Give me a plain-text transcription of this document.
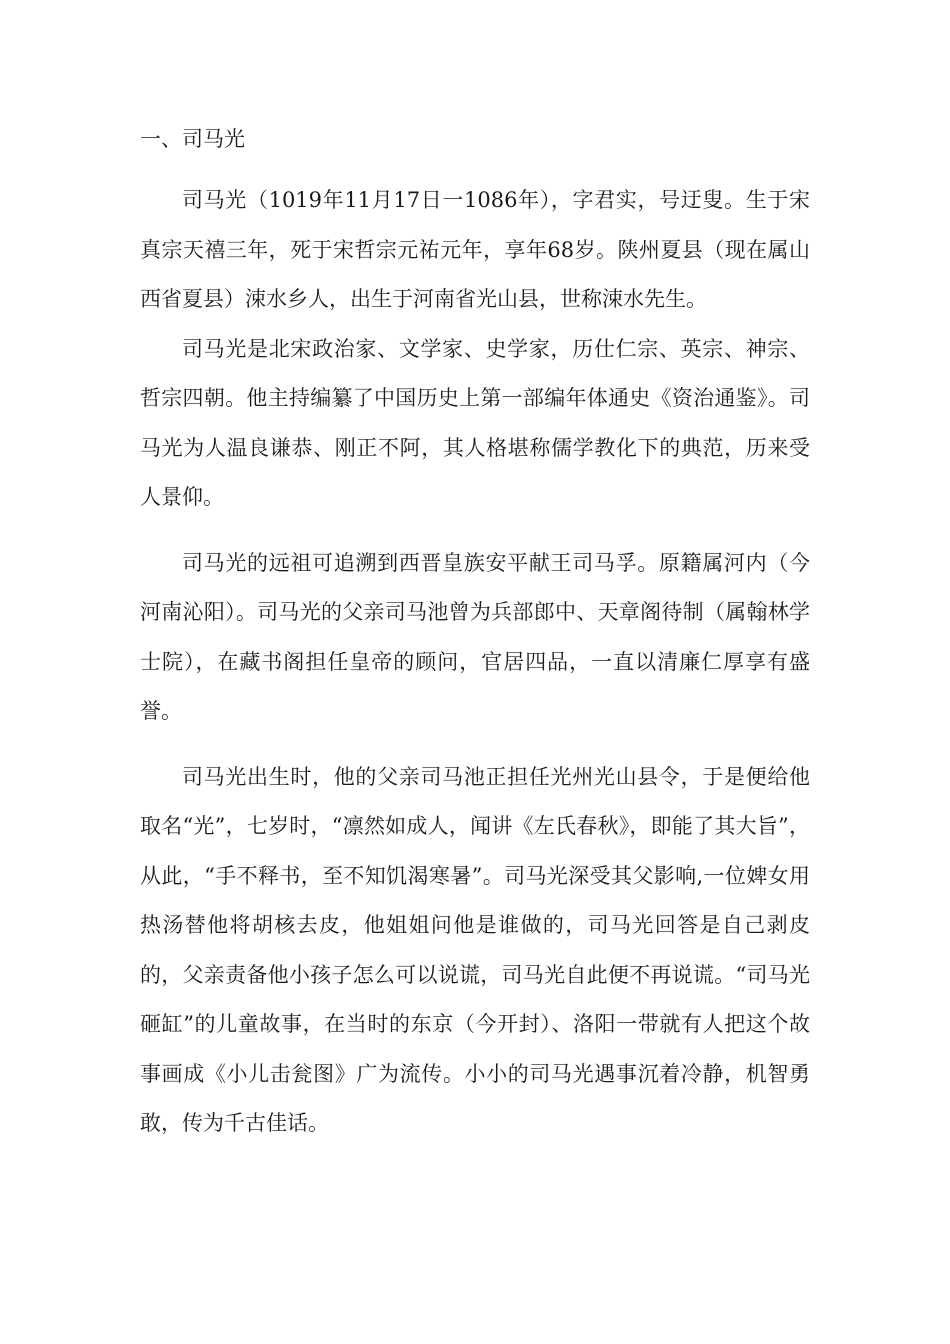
一、司马光

司马光（1019年11月17日一1086年），字君实，号迂叟。生于宋真宗天禧三年，死于宋哲宗元祐元年，享年68岁。陕州夏县（现在属山西省夏县）涑水乡人，出生于河南省光山县，世称涑水先生。

司马光是北宋政治家、文学家、史学家，历仕仁宗、英宗、神宗、哲宗四朝。他主持编纂了中国历史上第一部编年体通史《资治通鉴》。司马光为人温良谦恭、刚正不阿，其人格堪称儒学教化下的典范，历来受人景仰。

司马光的远祖可追溯到西晋皇族安平献王司马孚。原籍属河内（今河南沁阳）。司马光的父亲司马池曾为兵部郎中、天章阁待制（属翰林学士院），在藏书阁担任皇帝的顾问，官居四品，一直以清廉仁厚享有盛誉。

司马光出生时，他的父亲司马池正担任光州光山县令，于是便给他取名“光”，七岁时，“凛然如成人，闻讲《左氏春秋》，即能了其大旨”，从此，“手不释书，至不知饥渴寒暑”。司马光深受其父影响,一位婢女用热汤替他将胡核去皮，他姐姐问他是谁做的，司马光回答是自己剥皮的，父亲责备他小孩子怎么可以说谎，司马光自此便不再说谎。“司马光砸缸”的儿童故事，在当时的东京（今开封）、洛阳一带就有人把这个故事画成《小儿击瓮图》广为流传。小小的司马光遇事沉着冷静，机智勇敢，传为千古佳话。
